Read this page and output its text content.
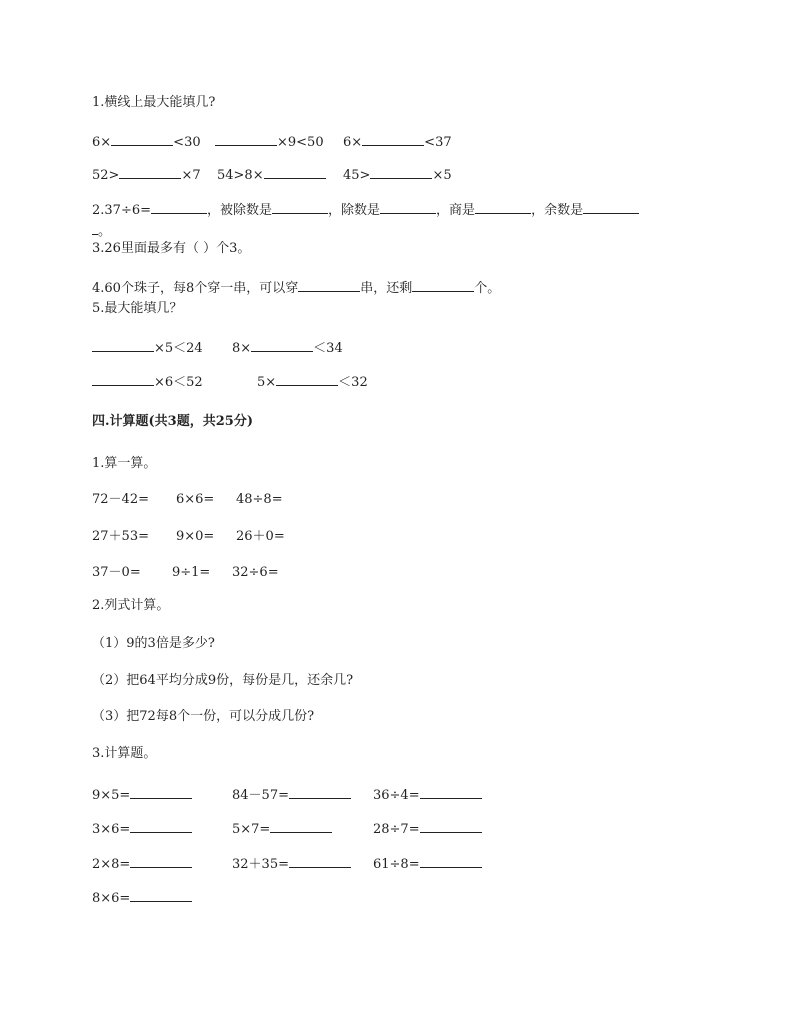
1.横线上最大能填几?
6×	<30	×9<50 6×	<37
52>	×7 54>8×	45>	×5
2.37÷6=	，被除数是	，除数是	，商是	，余数是
。
3.26里面最多有（ ）个3。
4.60个珠子，每8个穿一串，可以穿	串，还剩	个。
5.最大能填几？
×5＜24 8×	＜34
×6＜52	5×	＜32
四.计算题(共3题，共25分)
1.算一算。
72－42= 6×6= 48÷8=
27＋53= 9×0= 26＋0=
37－0= 9÷1= 32÷6=
2.列式计算。
（1）9的3倍是多少?
（2）把64平均分成9份，每份是几，还余几?
（3）把72每8个一份，可以分成几份?
3.计算题。
9×5=	84－57=	36÷4=
3×6=	5×7=	28÷7=
2×8=	32＋35=	61÷8=
8×6=
